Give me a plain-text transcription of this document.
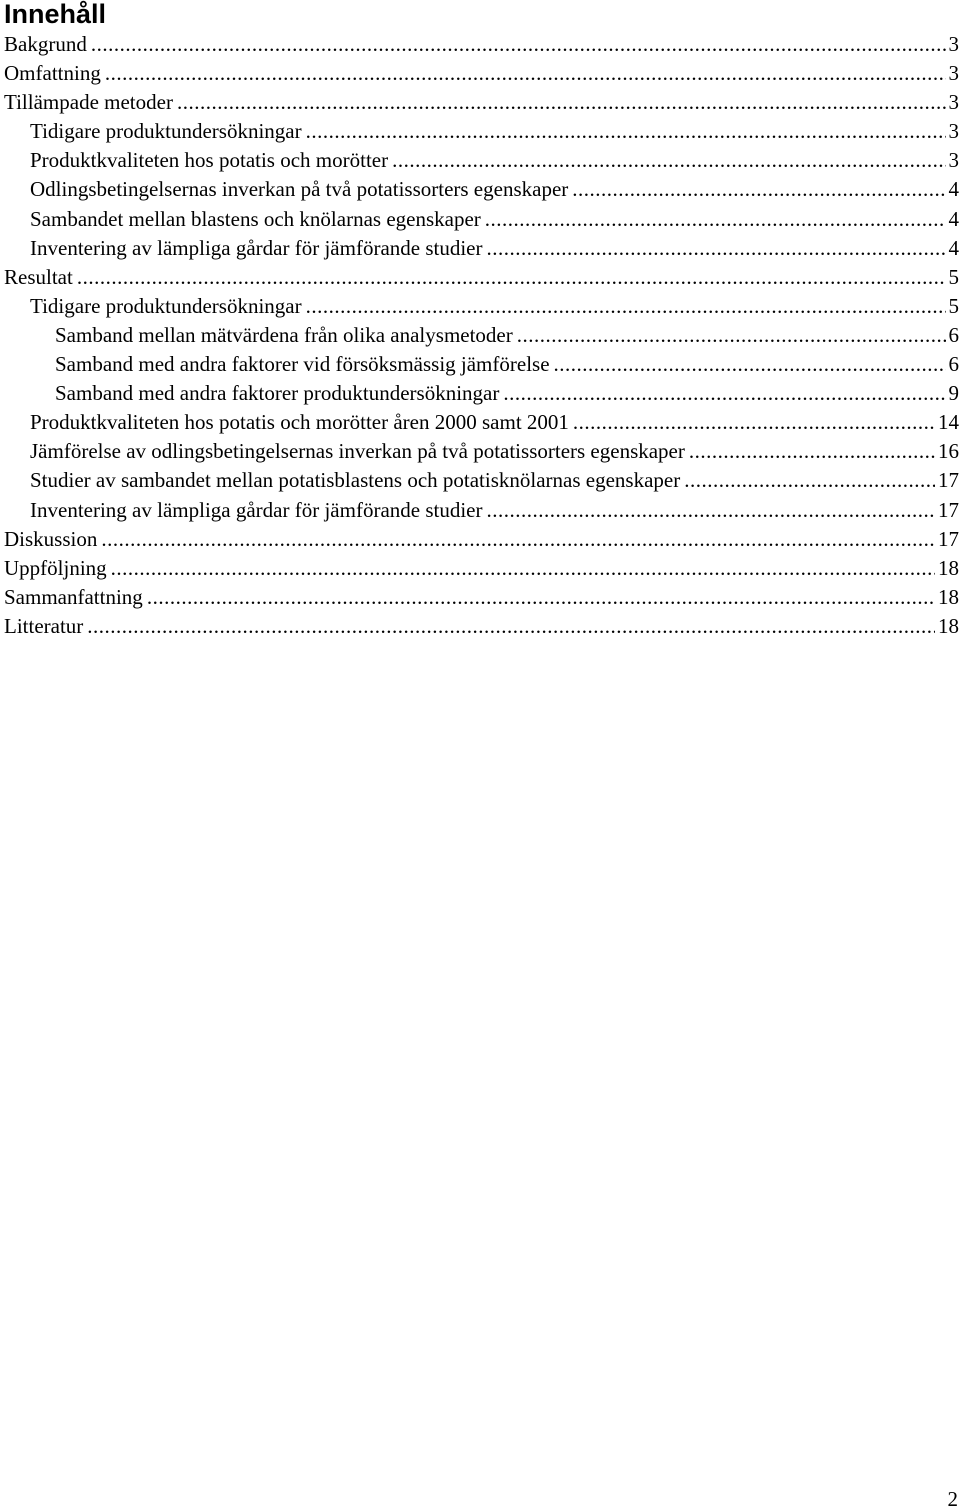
Innehåll
Bakgrund .....	3
Omfattning .....	3
Tillämpade metoder .....	3
Tidigare produktundersökningar .....	3
Produktkvaliteten hos potatis och morötter .....	3
Odlingsbetingelsernas inverkan på två potatissorters egenskaper .....	4
Sambandet mellan blastens och knölarnas egenskaper .....	4
Inventering av lämpliga gårdar för jämförande studier .....	4
Resultat .....	5
Tidigare produktundersökningar .....	5
Samband mellan mätvärdena från olika analysmetoder .....	6
Samband med andra faktorer vid försöksmässig jämförelse .....	6
Samband med andra faktorer produktundersökningar .....	9
Produktkvaliteten hos potatis och morötter åren 2000 samt 2001 .....	14
Jämförelse av odlingsbetingelsernas inverkan på två potatissorters egenskaper .....	16
Studier av sambandet mellan potatisblastens och potatisknölarnas egenskaper .....	17
Inventering av lämpliga gårdar för jämförande studier .....	17
Diskussion .....	17
Uppföljning .....	18
Sammanfattning .....	18
Litteratur .....	18
2
